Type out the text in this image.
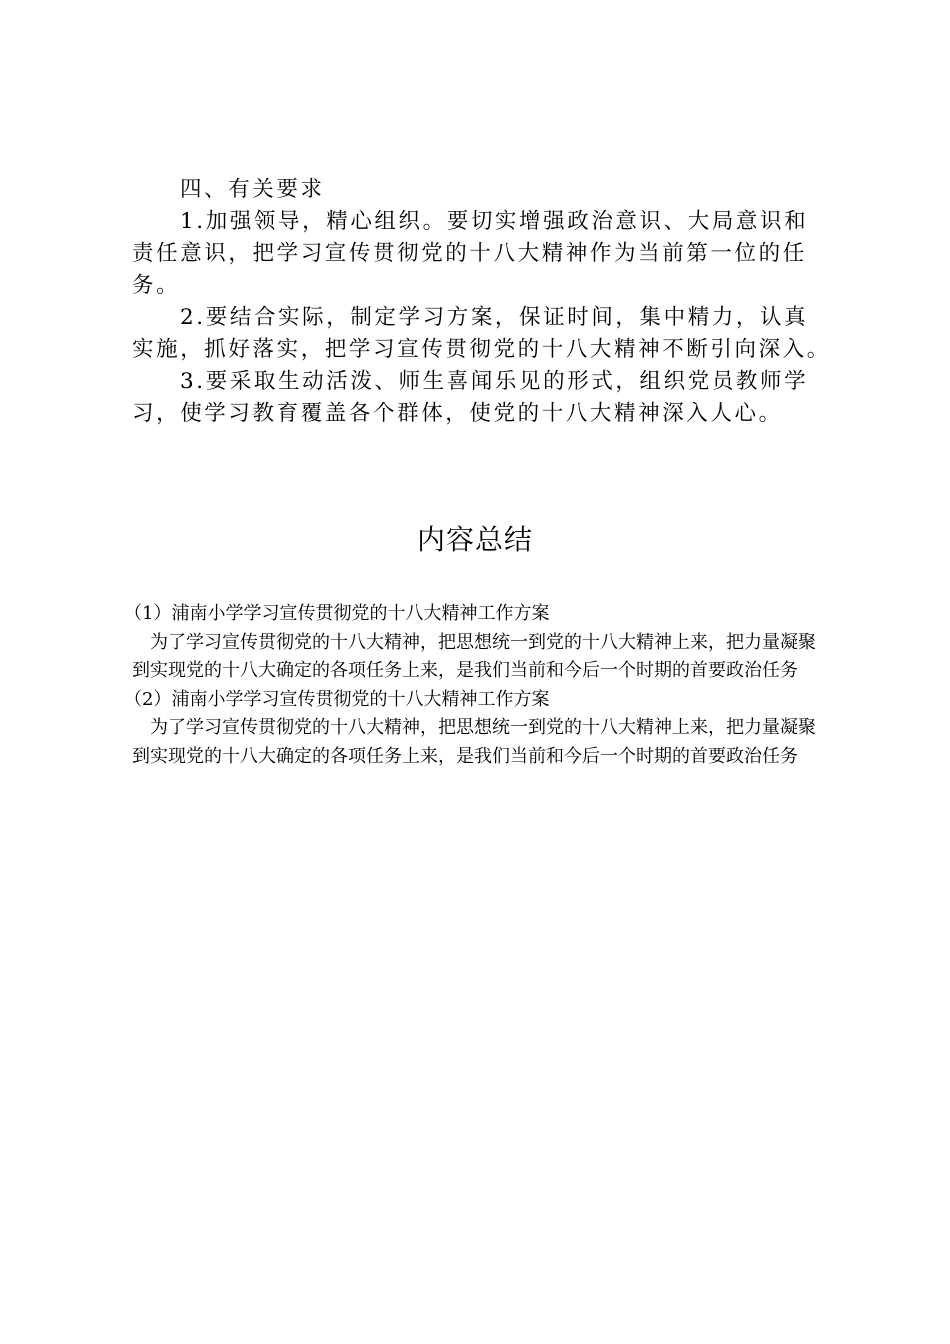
四、有关要求

1.加强领导，精心组织。要切实增强政治意识、大局意识和责任意识，把学习宣传贯彻党的十八大精神作为当前第一位的任务。

2.要结合实际，制定学习方案，保证时间，集中精力，认真实施，抓好落实，把学习宣传贯彻党的十八大精神不断引向深入。

3.要采取生动活泼、师生喜闻乐见的形式，组织党员教师学习，使学习教育覆盖各个群体，使党的十八大精神深入人心。

内容总结

（1）浦南小学学习宣传贯彻党的十八大精神工作方案

为了学习宣传贯彻党的十八大精神，把思想统一到党的十八大精神上来，把力量凝聚到实现党的十八大确定的各项任务上来，是我们当前和今后一个时期的首要政治任务

（2）浦南小学学习宣传贯彻党的十八大精神工作方案

为了学习宣传贯彻党的十八大精神，把思想统一到党的十八大精神上来，把力量凝聚到实现党的十八大确定的各项任务上来，是我们当前和今后一个时期的首要政治任务
